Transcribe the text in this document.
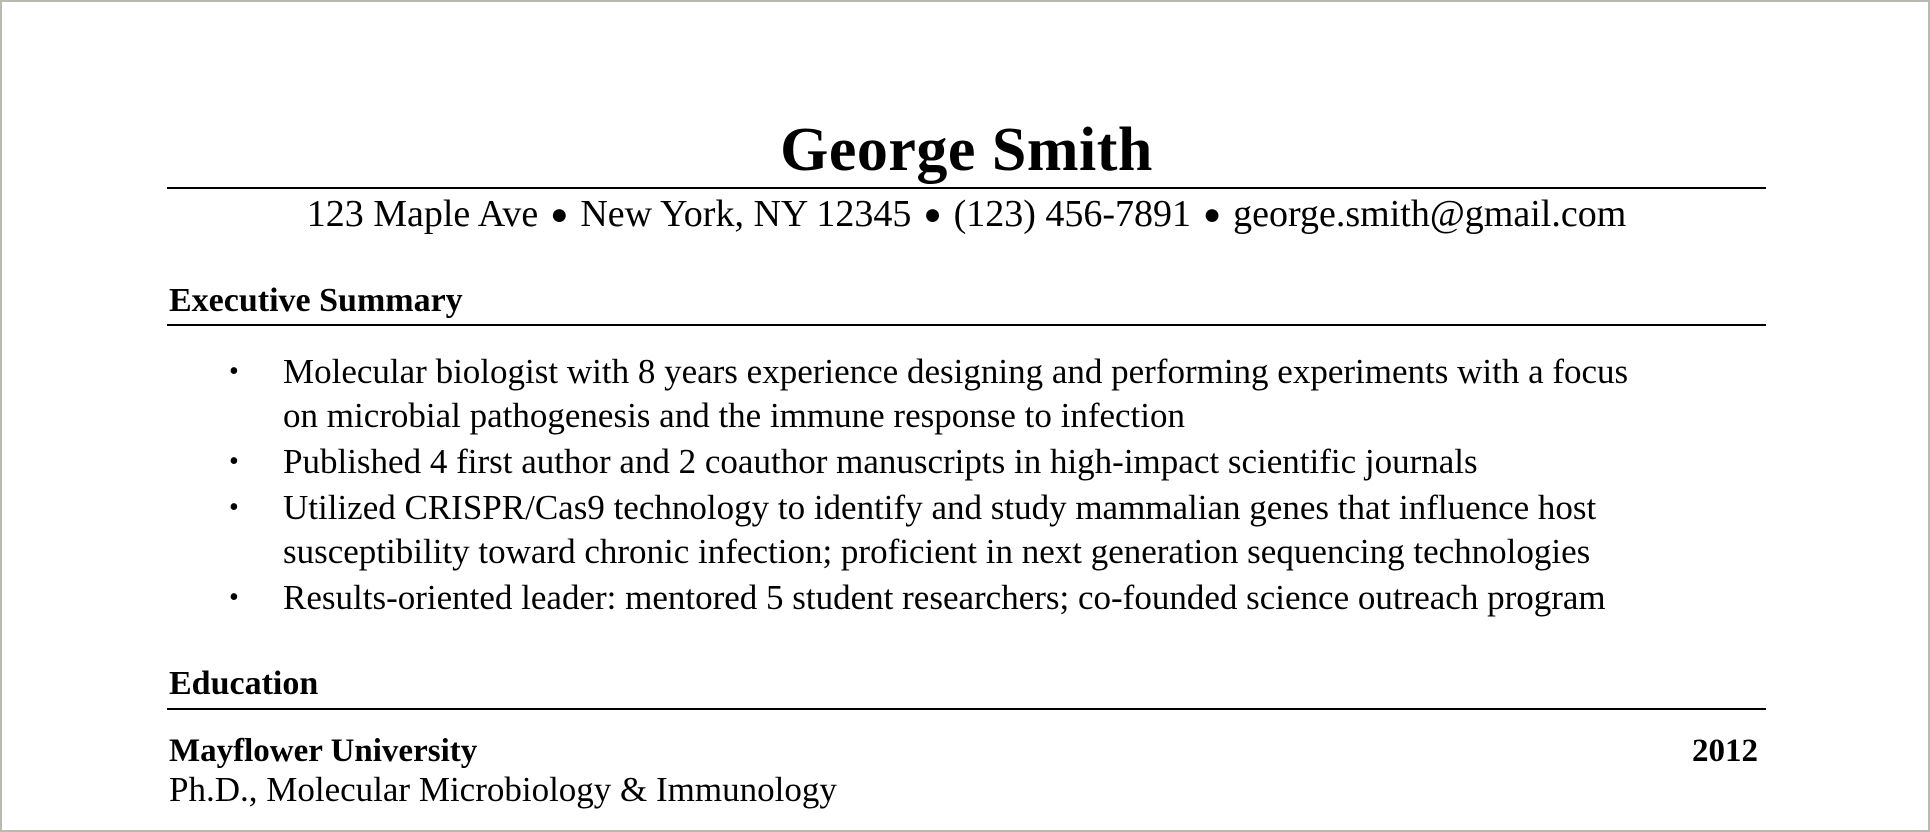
George Smith
123 Maple Ave ● New York, NY 12345 ● (123) 456-7891 ● george.smith@gmail.com
Executive Summary
• Molecular biologist with 8 years experience designing and performing experiments with a focus
on microbial pathogenesis and the immune response to infection
• Published 4 first author and 2 coauthor manuscripts in high-impact scientific journals
• Utilized CRISPR/Cas9 technology to identify and study mammalian genes that influence host
susceptibility toward chronic infection; proficient in next generation sequencing technologies
• Results-oriented leader: mentored 5 student researchers; co-founded science outreach program
Education
Mayflower University	2012
Ph.D., Molecular Microbiology & Immunology
